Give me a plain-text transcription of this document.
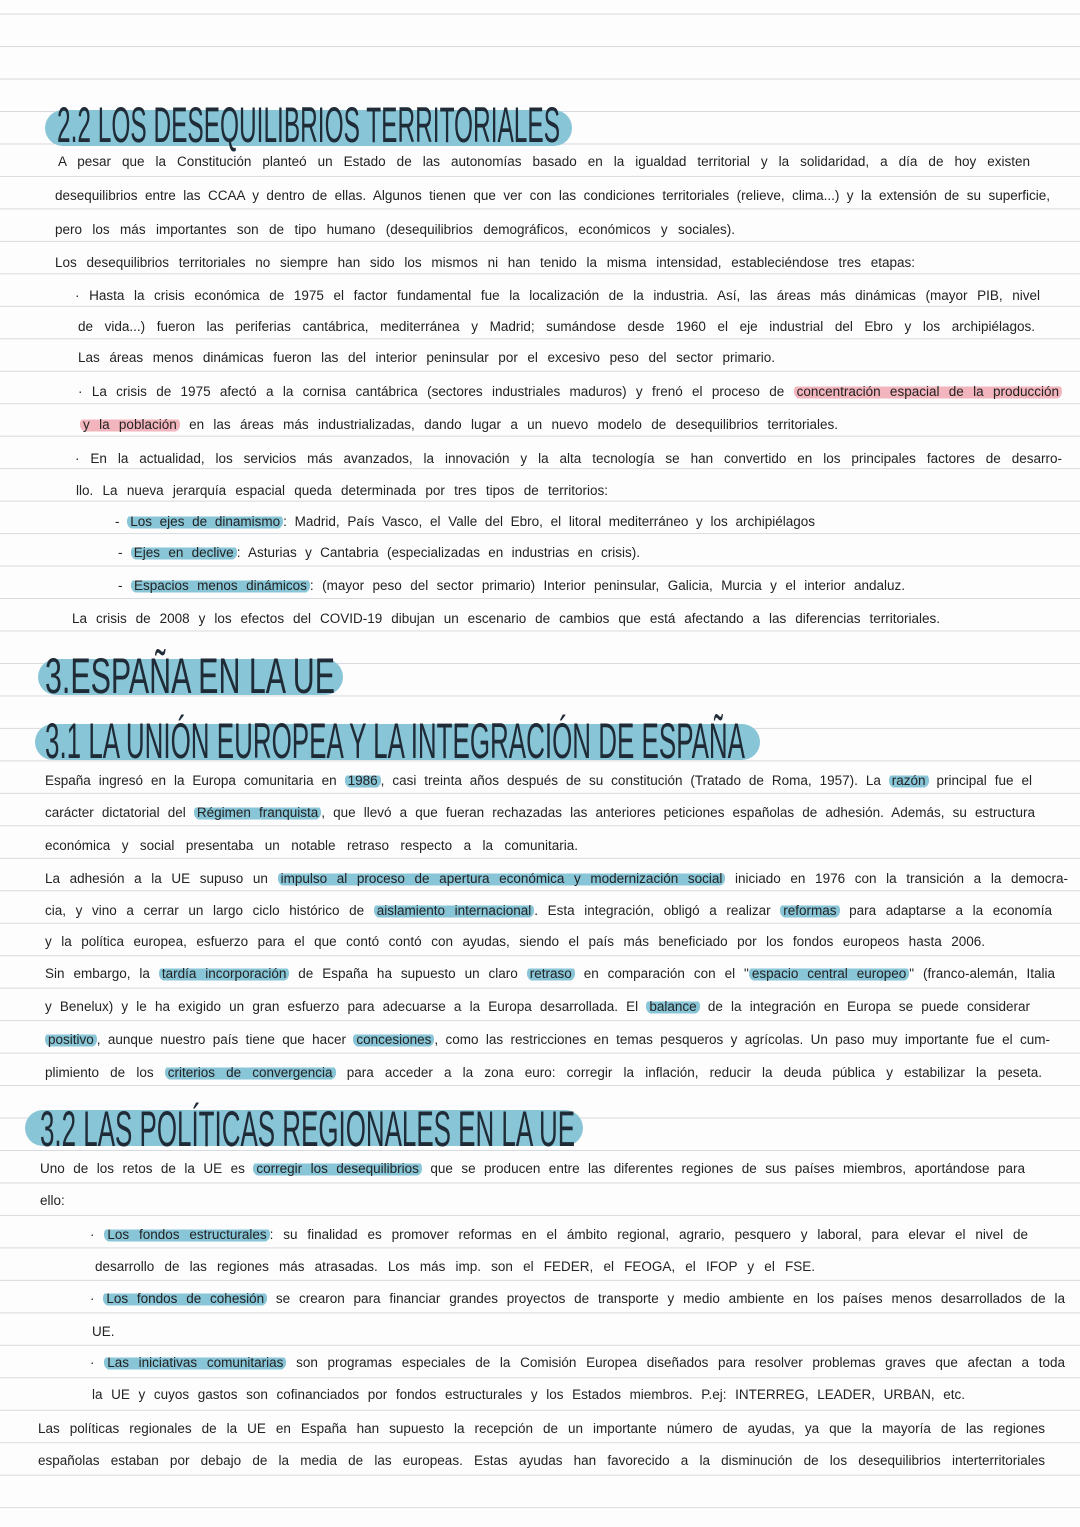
2.2 LOS DESEQUILIBRIOS TERRITORIALES
A pesar que la Constitución planteó un Estado de las autonomías basado en la igualdad territorial y la solidaridad, a día de hoy existen
desequilibrios entre las CCAA y dentro de ellas. Algunos tienen que ver con las condiciones territoriales (relieve, clima...) y la extensión de su superficie,
pero los más importantes son de tipo humano (desequilibrios demográficos, económicos y sociales).
Los desequilibrios territoriales no siempre han sido los mismos ni han tenido la misma intensidad, estableciéndose tres etapas:
· Hasta la crisis económica de 1975 el factor fundamental fue la localización de la industria. Así, las áreas más dinámicas (mayor PIB, nivel
de vida...) fueron las periferias cantábrica, mediterránea y Madrid; sumándose desde 1960 el eje industrial del Ebro y los archipiélagos.
Las áreas menos dinámicas fueron las del interior peninsular por el excesivo peso del sector primario.
· La crisis de 1975 afectó a la cornisa cantábrica (sectores industriales maduros) y frenó el proceso de concentración espacial de la producción
y la población en las áreas más industrializadas, dando lugar a un nuevo modelo de desequilibrios territoriales.
· En la actualidad, los servicios más avanzados, la innovación y la alta tecnología se han convertido en los principales factores de desarro-
llo. La nueva jerarquía espacial queda determinada por tres tipos de territorios:
- Los ejes de dinamismo : Madrid, País Vasco, el Valle del Ebro, el litoral mediterráneo y los archipiélagos
- Ejes en declive : Asturias y Cantabria (especializadas en industrias en crisis).
- Espacios menos dinámicos : (mayor peso del sector primario) Interior peninsular, Galicia, Murcia y el interior andaluz.
La crisis de 2008 y los efectos del COVID-19 dibujan un escenario de cambios que está afectando a las diferencias territoriales.
3.ESPAÑA EN LA UE
3.1 LA UNIÓN EUROPEA Y LA INTEGRACIÓN DE ESPAÑA
España ingresó en la Europa comunitaria en 1986 , casi treinta años después de su constitución (Tratado de Roma, 1957). La razón principal fue el
carácter dictatorial del Régimen franquista , que llevó a que fueran rechazadas las anteriores peticiones españolas de adhesión. Además, su estructura
económica y social presentaba un notable retraso respecto a la comunitaria.
La adhesión a la UE supuso un impulso al proceso de apertura económica y modernización social iniciado en 1976 con la transición a la democra-
cia, y vino a cerrar un largo ciclo histórico de aislamiento internacional . Esta integración, obligó a realizar reformas para adaptarse a la economía
y la política europea, esfuerzo para el que contó contó con ayudas, siendo el país más beneficiado por los fondos europeos hasta 2006.
Sin embargo, la tardía incorporación de España ha supuesto un claro retraso en comparación con el " espacio central europeo " (franco-alemán, Italia
y Benelux) y le ha exigido un gran esfuerzo para adecuarse a la Europa desarrollada. El balance de la integración en Europa se puede considerar
positivo , aunque nuestro país tiene que hacer concesiones , como las restricciones en temas pesqueros y agrícolas. Un paso muy importante fue el cum-
plimiento de los criterios de convergencia para acceder a la zona euro: corregir la inflación, reducir la deuda pública y estabilizar la peseta.
3.2 LAS POLÍTICAS REGIONALES EN LA UE
Uno de los retos de la UE es corregir los desequilibrios que se producen entre las diferentes regiones de sus países miembros, aportándose para
ello:
· Los fondos estructurales : su finalidad es promover reformas en el ámbito regional, agrario, pesquero y laboral, para elevar el nivel de
desarrollo de las regiones más atrasadas. Los más imp. son el FEDER, el FEOGA, el IFOP y el FSE.
· Los fondos de cohesión se crearon para financiar grandes proyectos de transporte y medio ambiente en los países menos desarrollados de la
UE.
· Las iniciativas comunitarias son programas especiales de la Comisión Europea diseñados para resolver problemas graves que afectan a toda
la UE y cuyos gastos son cofinanciados por fondos estructurales y los Estados miembros. P.ej: INTERREG, LEADER, URBAN, etc.
Las políticas regionales de la UE en España han supuesto la recepción de un importante número de ayudas, ya que la mayoría de las regiones
españolas estaban por debajo de la media de las europeas. Estas ayudas han favorecido a la disminución de los desequilibrios interterritoriales
